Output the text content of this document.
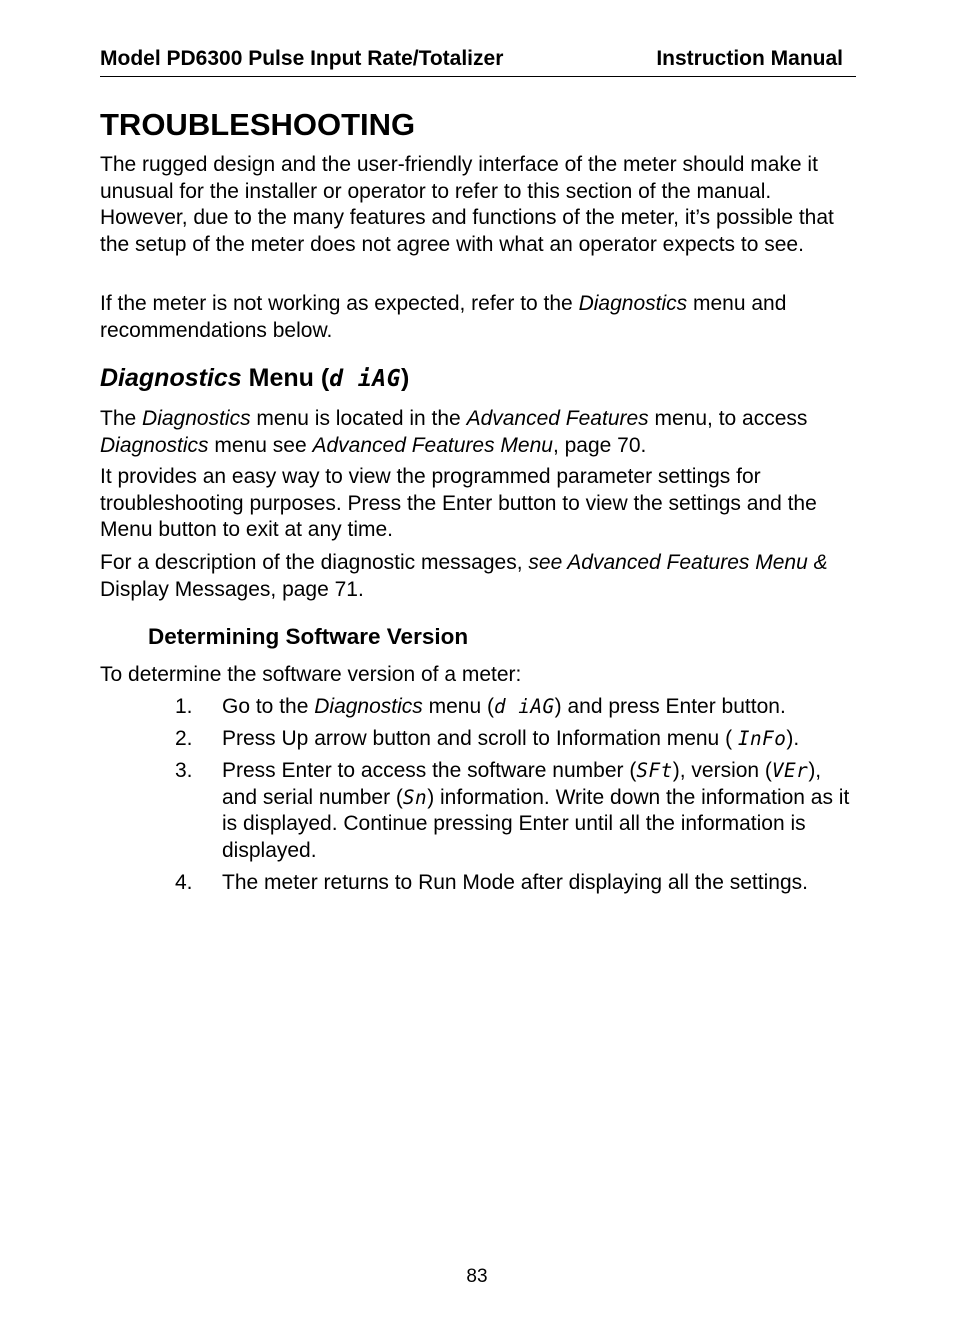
Model PD6300 Pulse Input Rate/Totalizer	Instruction Manual
TROUBLESHOOTING

The rugged design and the user-friendly interface of the meter should make it unusual for the installer or operator to refer to this section of the manual. However, due to the many features and functions of the meter, it’s possible that the setup of the meter does not agree with what an operator expects to see.

If the meter is not working as expected, refer to the Diagnostics menu and recommendations below.

Diagnostics Menu (d iAG)

The Diagnostics menu is located in the Advanced Features menu, to access Diagnostics menu see Advanced Features Menu, page 70.

It provides an easy way to view the programmed parameter settings for troubleshooting purposes. Press the Enter button to view the settings and the Menu button to exit at any time.

For a description of the diagnostic messages, see Advanced Features Menu & Display Messages, page 71.

Determining Software Version

To determine the software version of a meter:

1. Go to the Diagnostics menu (d iAG) and press Enter button.
2. Press Up arrow button and scroll to Information menu ( InFo).
3. Press Enter to access the software number (SFt), version (VEr), and serial number (Sn) information. Write down the information as it is displayed. Continue pressing Enter until all the information is displayed.
4. The meter returns to Run Mode after displaying all the settings.
83
